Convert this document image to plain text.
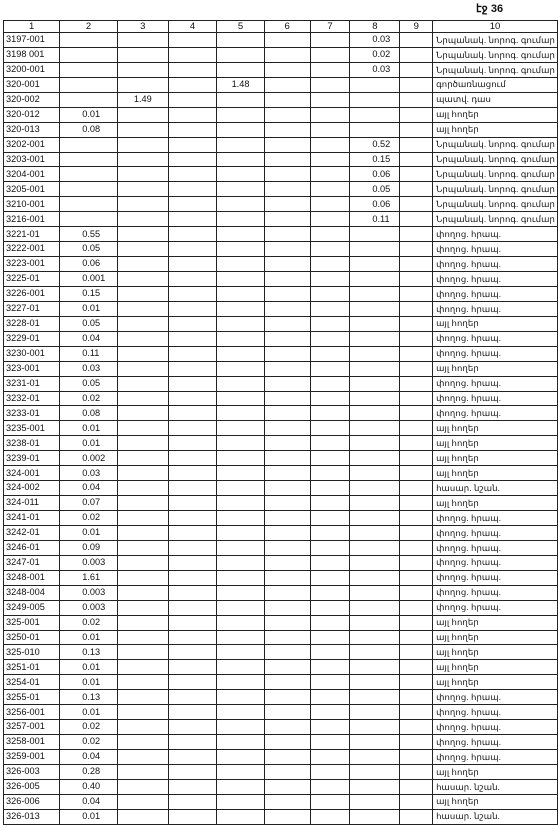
էջ 36
1	2	3	4	5	6	7	8	9	10
3197-001							0.03		Նրպանակ. նորոգ. գումար
3198 001							0.02		Նրպանակ. նորոգ. գումար
3200-001							0.03		Նրպանակ. նորոգ. գումար
320-001				1.48					գործառնացում
320-002		1.49							պատվ. դաս
320-012	0.01								այլ հողեր
320-013	0.08								այլ հողեր
3202-001							0.52		Նրպանակ. նորոգ. գումար
3203-001							0.15		Նրպանակ. նորոգ. գումար
3204-001							0.06		Նրպանակ. նորոգ. գումար
3205-001							0.05		Նրպանակ. նորոգ. գումար
3210-001							0.06		Նրպանակ. նորոգ. գումար
3216-001							0.11		Նրպանակ. նորոգ. գումար
3221-01	0.55								փողոց. հրապ.
3222-001	0.05								փողոց. հրապ.
3223-001	0.06								փողոց. հրապ.
3225-01	0.001								փողոց. հրապ.
3226-001	0.15								փողոց. հրապ.
3227-01	0.01								փողոց. հրապ.
3228-01	0.05								այլ հողեր
3229-01	0.04								փողոց. հրապ.
3230-001	0.11								փողոց. հրապ.
323-001	0.03								այլ հողեր
3231-01	0.05								փողոց. հրապ.
3232-01	0.02								փողոց. հրապ.
3233-01	0.08								փողոց. հրապ.
3235-001	0.01								այլ հողեր
3238-01	0.01								այլ հողեր
3239-01	0.002								այլ հողեր
324-001	0.03								այլ հողեր
324-002	0.04								հասար. նշան.
324-011	0.07								այլ հողեր
3241-01	0.02								փողոց. հրապ.
3242-01	0.01								փողոց. հրապ.
3246-01	0.09								փողոց. հրապ.
3247-01	0.003								փողոց. հրապ.
3248-001	1.61								փողոց. հրապ.
3248-004	0.003								փողոց. հրապ.
3249-005	0.003								փողոց. հրապ.
325-001	0.02								այլ հողեր
3250-01	0.01								այլ հողեր
325-010	0.13								այլ հողեր
3251-01	0.01								այլ հողեր
3254-01	0.01								այլ հողեր
3255-01	0.13								փողոց. հրապ.
3256-001	0.01								փողոց. հրապ.
3257-001	0.02								փողոց. հրապ.
3258-001	0.02								փողոց. հրապ.
3259-001	0.04								փողոց. հրապ.
326-003	0.28								այլ հողեր
326-005	0.40								հասար. նշան.
326-006	0.04								այլ հողեր
326-013	0.01								հասար. նշան.
